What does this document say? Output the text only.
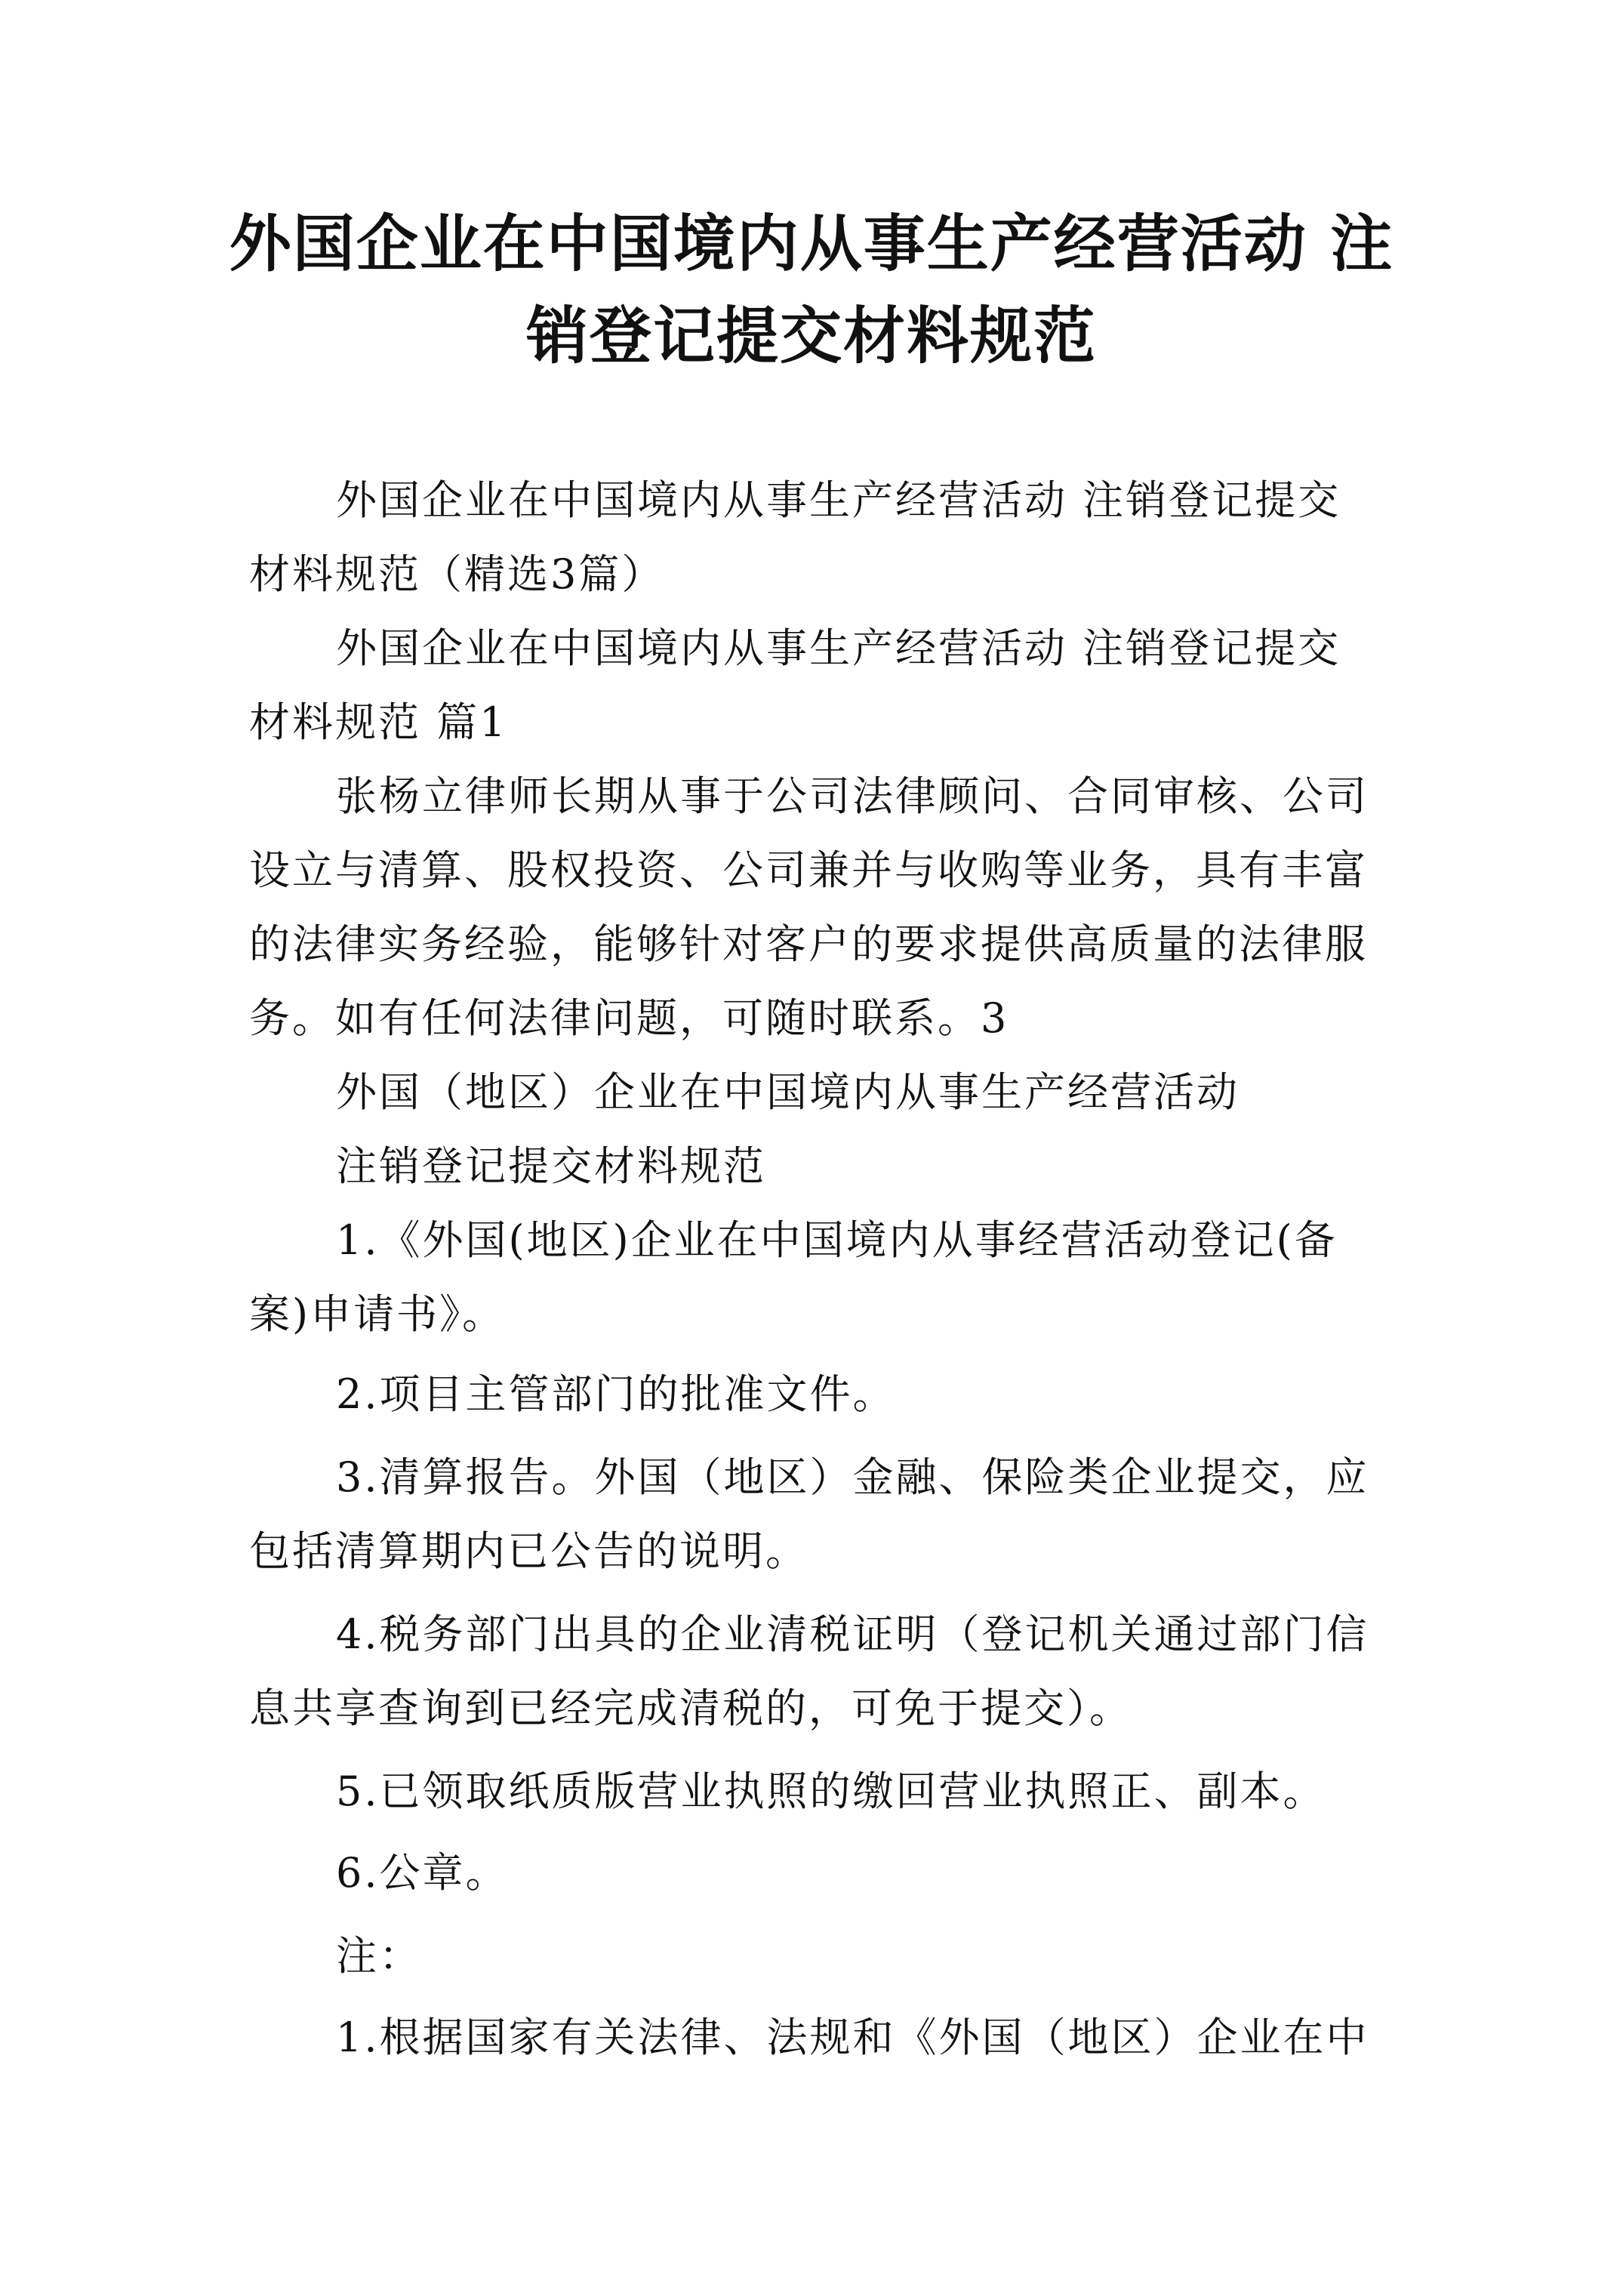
外国企业在中国境内从事生产经营活动 注
销登记提交材料规范
外国企业在中国境内从事生产经营活动 注销登记提交
材料规范（精选3篇）
外国企业在中国境内从事生产经营活动 注销登记提交
材料规范 篇1
张杨立律师长期从事于公司法律顾问、合同审核、公司
设立与清算、股权投资、公司兼并与收购等业务，具有丰富
的法律实务经验，能够针对客户的要求提供高质量的法律服
务。如有任何法律问题，可随时联系。3
外国（地区）企业在中国境内从事生产经营活动
注销登记提交材料规范
1.《外国(地区)企业在中国境内从事经营活动登记(备
案)申请书》。
2.项目主管部门的批准文件。
3.清算报告。外国（地区）金融、保险类企业提交，应
包括清算期内已公告的说明。
4.税务部门出具的企业清税证明（登记机关通过部门信
息共享查询到已经完成清税的，可免于提交）。
5.已领取纸质版营业执照的缴回营业执照正、副本。
6.公章。
注：
1.根据国家有关法律、法规和《外国（地区）企业在中
